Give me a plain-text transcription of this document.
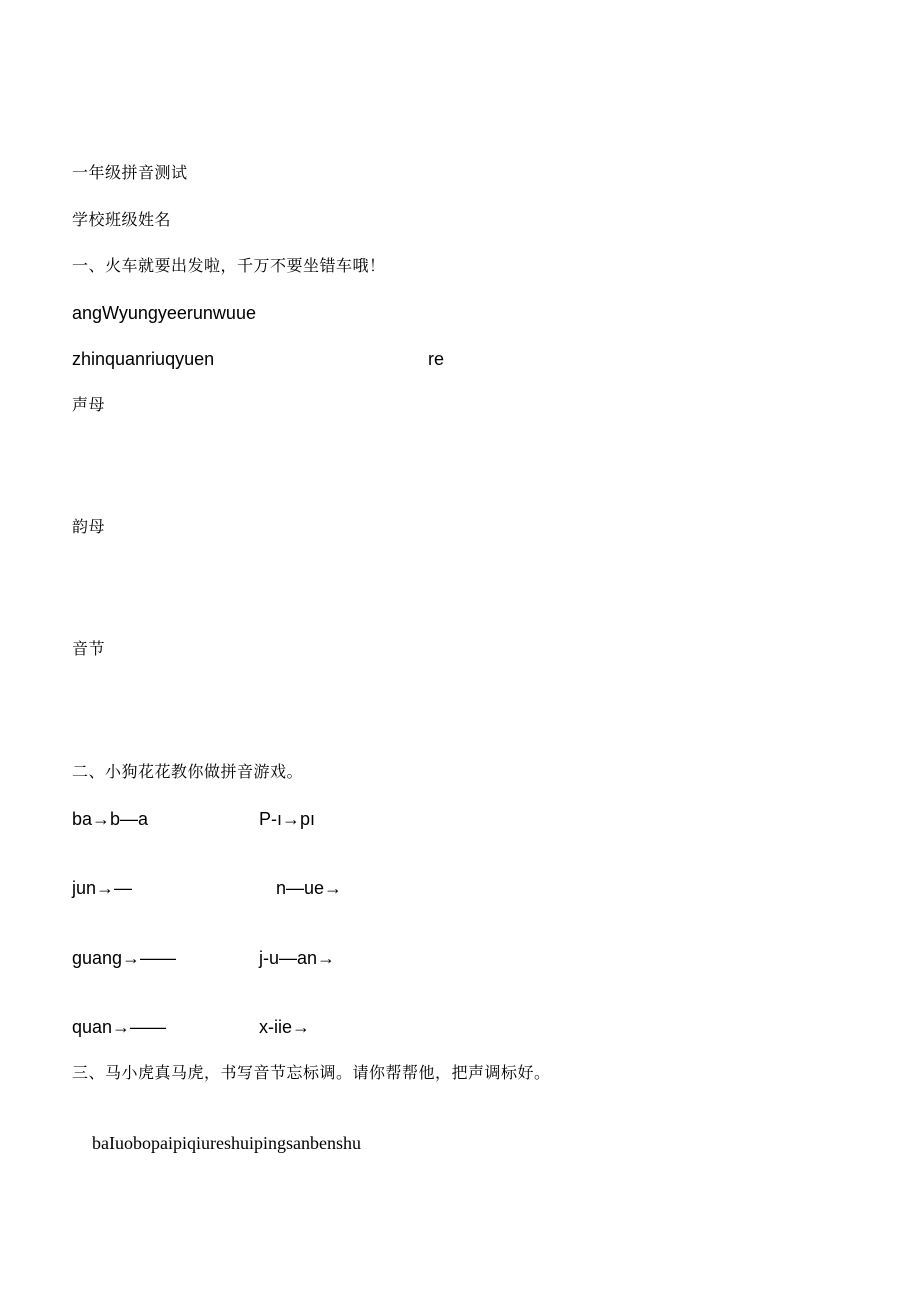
一年级拼音测试
学校班级姓名
一、火车就要出发啦，千万不要坐错车哦！
angWyungyeerunwuue
zhinquanriuqyuen	re
声母
韵母
音节
二、小狗花花教你做拼音游戏。
ba→b—a	P-ı→pı
jun→—	n—ue→
guang→——	j-u—an→
quan→——	x-iie→
三、马小虎真马虎，书写音节忘标调。请你帮帮他，把声调标好。
baIuobopaipiqiureshuipingsanbenshu
